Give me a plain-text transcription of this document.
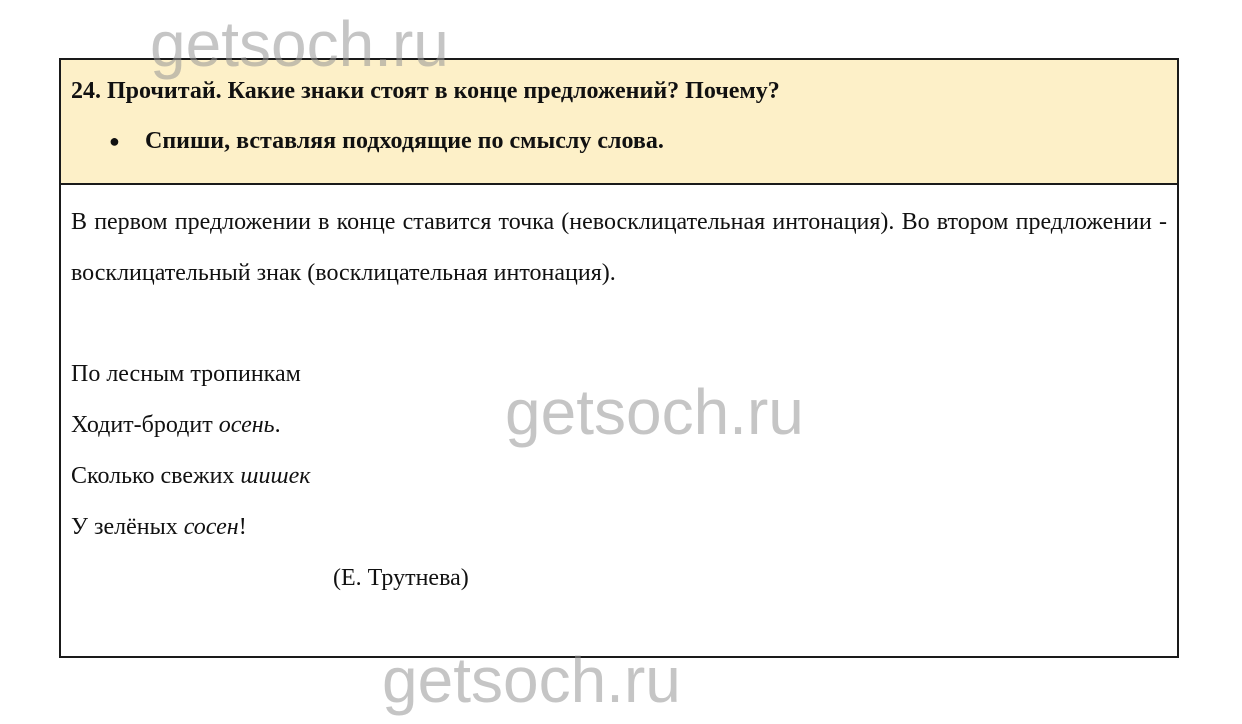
24. Прочитай. Какие знаки стоят в конце предложений? Почему?

●	Спиши, вставляя подходящие по смыслу слова.

В первом предложении в конце ставится точка (невосклицательная интонация). Во втором предложении - восклицательный знак (восклицательная интонация).

По лесным тропинкам

Ходит-бродит осень.

Сколько свежих шишек

У зелёных сосен!

(Е. Трутнева)

getsoch.ru
getsoch.ru
getsoch.ru
